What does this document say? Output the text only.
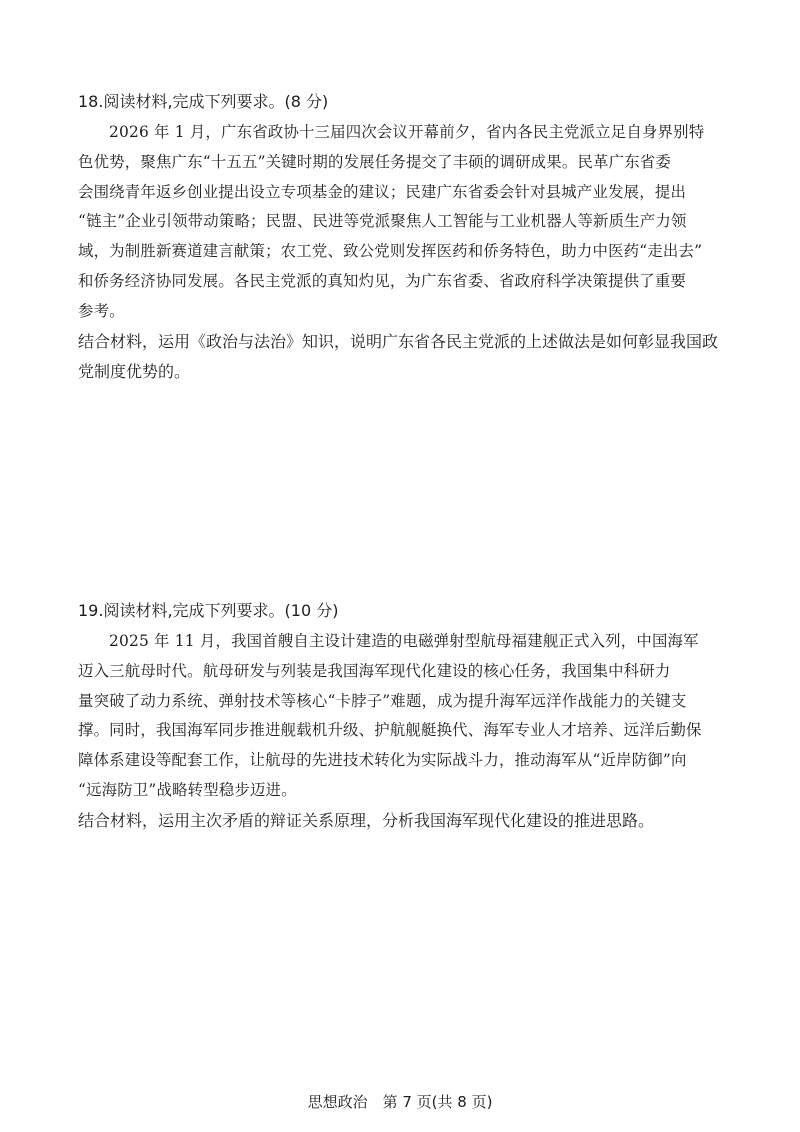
18.阅读材料,完成下列要求。(8 分)
2026 年 1 月，广东省政协十三届四次会议开幕前夕，省内各民主党派立足自身界别特
色优势，聚焦广东“十五五”关键时期的发展任务提交了丰硕的调研成果。民革广东省委
会围绕青年返乡创业提出设立专项基金的建议；民建广东省委会针对县城产业发展，提出
“链主”企业引领带动策略；民盟、民进等党派聚焦人工智能与工业机器人等新质生产力领
域，为制胜新赛道建言献策；农工党、致公党则发挥医药和侨务特色，助力中医药“走出去”
和侨务经济协同发展。各民主党派的真知灼见，为广东省委、省政府科学决策提供了重要
参考。
结合材料，运用《政治与法治》知识，说明广东省各民主党派的上述做法是如何彰显我国政
党制度优势的。
19.阅读材料,完成下列要求。(10 分)
2025 年 11 月，我国首艘自主设计建造的电磁弹射型航母福建舰正式入列，中国海军
迈入三航母时代。航母研发与列装是我国海军现代化建设的核心任务，我国集中科研力
量突破了动力系统、弹射技术等核心“卡脖子”难题，成为提升海军远洋作战能力的关键支
撑。同时，我国海军同步推进舰载机升级、护航舰艇换代、海军专业人才培养、远洋后勤保
障体系建设等配套工作，让航母的先进技术转化为实际战斗力，推动海军从“近岸防御”向
“远海防卫”战略转型稳步迈进。
结合材料，运用主次矛盾的辩证关系原理，分析我国海军现代化建设的推进思路。
思想政治　第 7 页(共 8 页)
